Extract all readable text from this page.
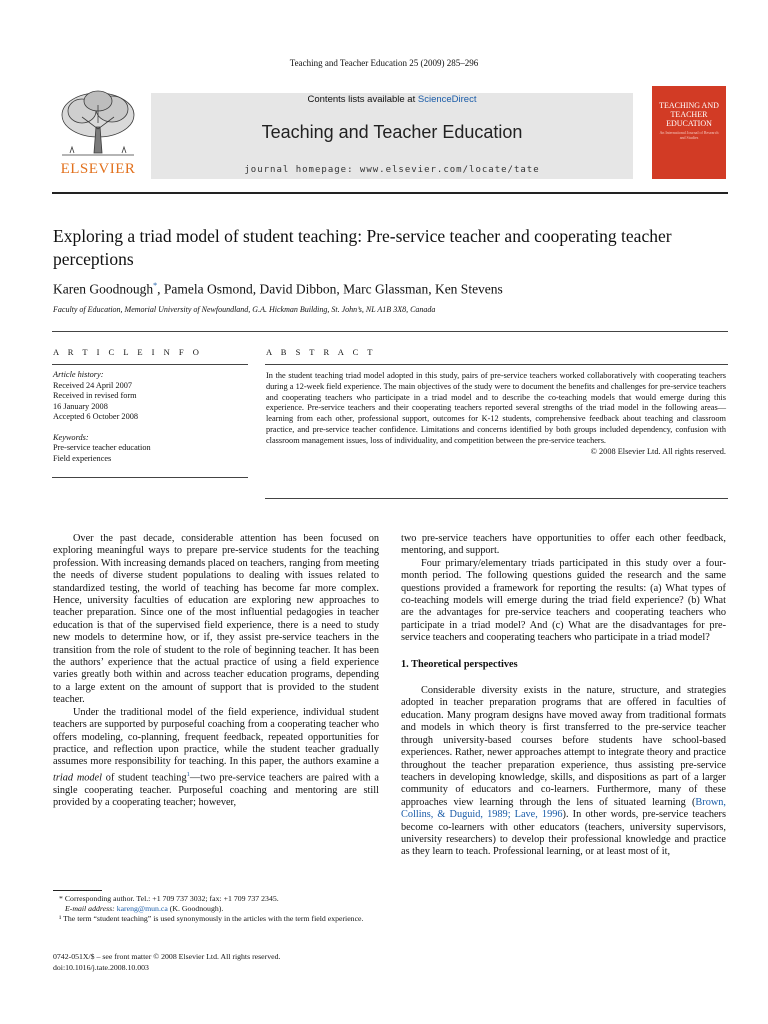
Teaching and Teacher Education 25 (2009) 285–296
ELSEVIER
Contents lists available at ScienceDirect
Teaching and Teacher Education
journal homepage: www.elsevier.com/locate/tate
TEACHING AND TEACHER EDUCATION
An International Journal of Research and Studies
Exploring a triad model of student teaching: Pre-service teacher and cooperating teacher perceptions
Karen Goodnough*, Pamela Osmond, David Dibbon, Marc Glassman, Ken Stevens
Faculty of Education, Memorial University of Newfoundland, G.A. Hickman Building, St. John’s, NL A1B 3X8, Canada
A R T I C L E I N F O	A B S T R A C T
Article history:
Received 24 April 2007
Received in revised form
16 January 2008
Accepted 6 October 2008
Keywords:
Pre-service teacher education
Field experiences
In the student teaching triad model adopted in this study, pairs of pre-service teachers worked collaboratively with cooperating teachers during a 12-week field experience. The main objectives of the study were to document the benefits and challenges for pre-service teachers and cooperating teachers who participate in a triad model and to describe the co-teaching models that would emerge during this experience. Pre-service teachers and their cooperating teachers reported several strengths of the triad model in the following areas—learning from each other, professional support, outcomes for K-12 students, comprehensive feedback about teaching and classroom practice, and pre-service teacher confidence. Limitations and concerns identified by both groups included dependency, confusion with classroom management issues, loss of individuality, and competition between the pre-service teachers.
© 2008 Elsevier Ltd. All rights reserved.

Over the past decade, considerable attention has been focused on exploring meaningful ways to prepare pre-service students for the teaching profession. With increasing demands placed on teachers, ranging from meeting the needs of diverse student populations to dealing with issues related to standardized testing, the world of teaching has become far more complex. Hence, university faculties of education are exploring new approaches to teacher preparation. Since one of the most influential pedagogies in teacher education is that of the supervised field experience, there is a need to study new models to determine how, or if, they assist pre-service teachers in the transition from the role of student to the role of beginning teacher. It has been the authors’ experience that the actual practice of using a field experience varies greatly both within and across teacher education programs, depending to a large extent on the amount of support that is provided to the student teacher.

Under the traditional model of the field experience, individual student teachers are supported by purposeful coaching from a cooperating teacher who offers modeling, co-planning, frequent feedback, repeated opportunities for practice, and reflection upon practice, while the student teacher gradually assumes more responsibility for teaching. In this paper, the authors examine a triad model of student teaching$^1$—two pre-service teachers are paired with a single cooperating teacher. Purposeful coaching and mentoring are still provided by a cooperating teacher; however,

two pre-service teachers have opportunities to offer each other feedback, mentoring, and support.

Four primary/elementary triads participated in this study over a four-month period. The following questions guided the research and the same questions provided a framework for reporting the results: (a) What types of co-teaching models will emerge during the triad field experience? (b) What are the advantages for pre-service teachers and cooperating teachers who participate in a triad model? And (c) What are the disadvantages for pre-service teachers and cooperating teachers who participate in a triad model?

1. Theoretical perspectives

Considerable diversity exists in the nature, structure, and strategies adopted in teacher preparation programs that are offered in faculties of education. Many program designs have moved away from traditional formats and models in which theory is first transferred to the pre-service teacher through university-based courses before students have school-based experiences. Rather, newer approaches attempt to integrate theory and practice throughout the teacher preparation experience, thus assisting pre-service teachers in developing knowledge, skills, and dispositions as part of a larger community of educators and co-learners. Furthermore, many of these approaches view learning through the lens of situated learning (Brown, Collins, & Duguid, 1989; Lave, 1996). In other words, pre-service teachers become co-learners with other educators (teachers, university supervisors, university researchers) to develop their professional knowledge and practice as they learn to teach. Professional learning, or at least most of it,

* Corresponding author. Tel.: +1 709 737 3032; fax: +1 709 737 2345.
E-mail address: kareng@mun.ca (K. Goodnough).
¹ The term “student teaching” is used synonymously in the articles with the term field experience.
0742-051X/$ – see front matter © 2008 Elsevier Ltd. All rights reserved.
doi:10.1016/j.tate.2008.10.003
